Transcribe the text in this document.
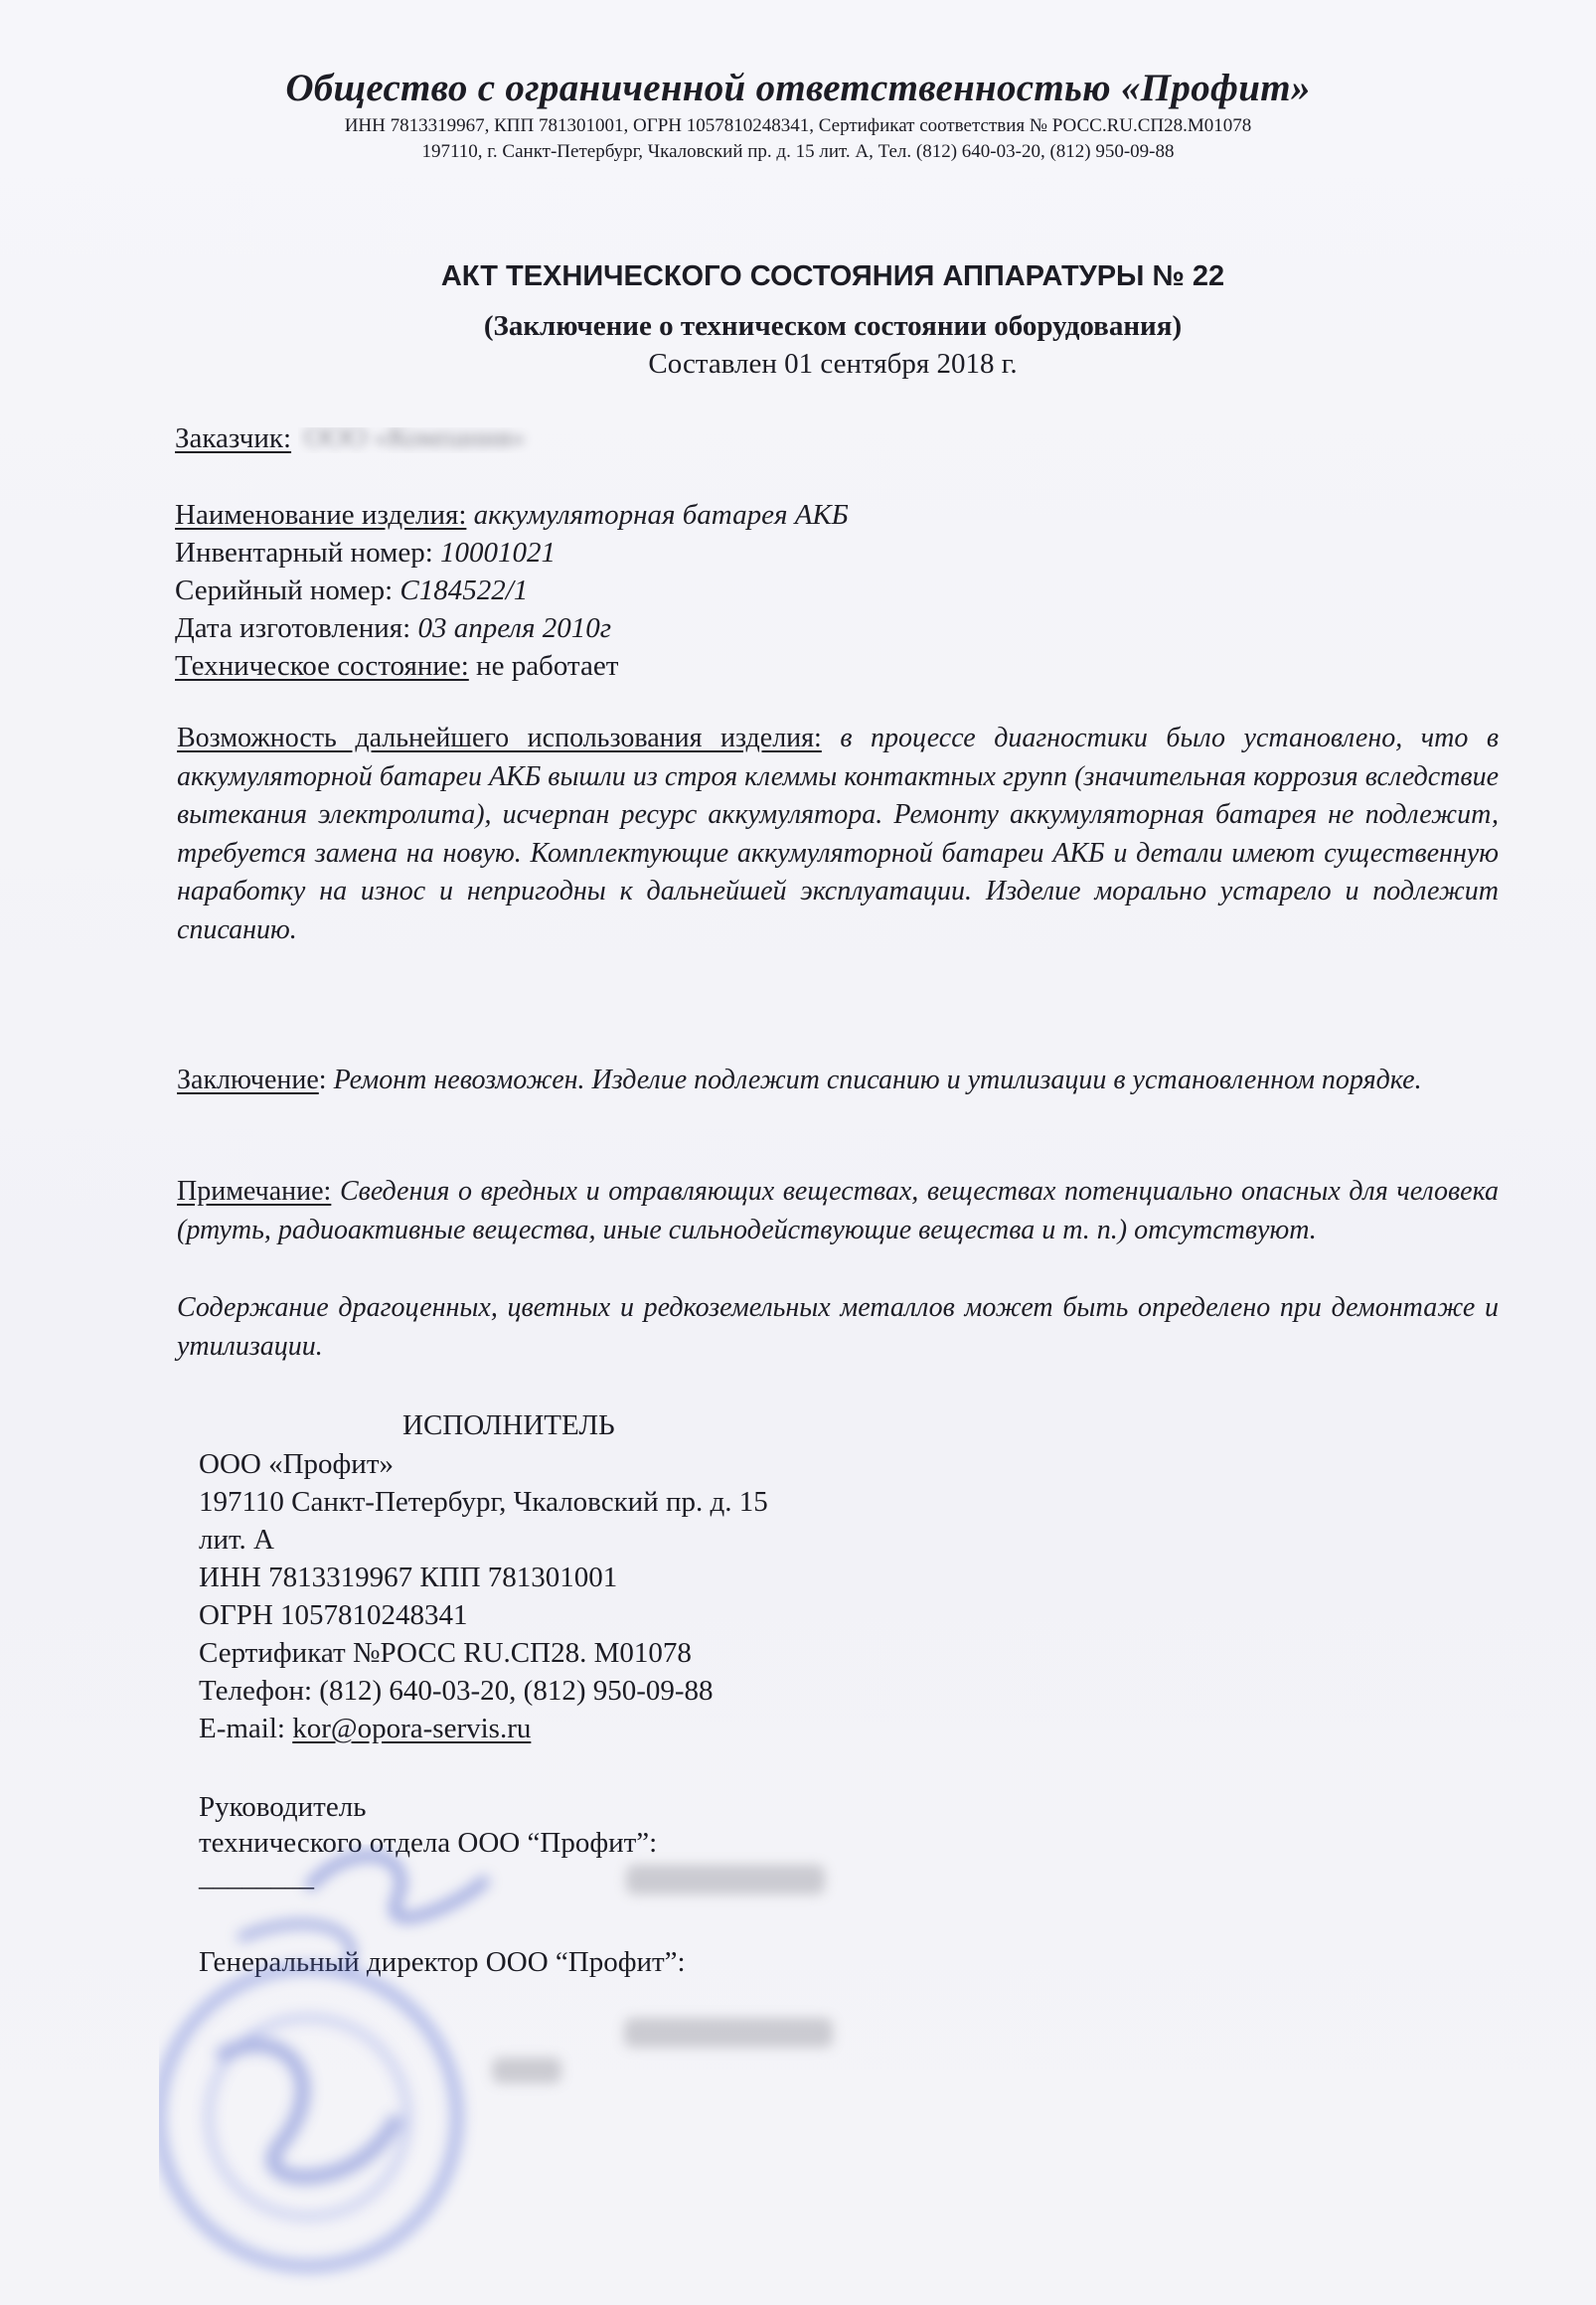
Общество с ограниченной ответственностью «Профит»
ИНН 7813319967, КПП 781301001, ОГРН 1057810248341, Сертификат соответствия № РОСС.RU.СП28.М01078
197110, г. Санкт-Петербург, Чкаловский пр. д. 15 лит. А, Тел. (812) 640-03-20, (812) 950-09-88
АКТ ТЕХНИЧЕСКОГО СОСТОЯНИЯ АППАРАТУРЫ № 22
(Заключение о техническом состоянии оборудования)
Составлен 01 сентября 2018 г.
Заказчик: ООО «Компания»
Наименование изделия: аккумуляторная батарея АКБ
Инвентарный номер: 10001021
Серийный номер: С184522/1
Дата изготовления: 03 апреля 2010г
Техническое состояние: не работает
Возможность дальнейшего использования изделия: в процессе диагностики было установлено, что в аккумуляторной батареи АКБ вышли из строя клеммы контактных групп (значительная коррозия вследствие вытекания электролита), исчерпан ресурс аккумулятора. Ремонту аккумуляторная батарея не подлежит, требуется замена на новую. Комплектующие аккумуляторной батареи АКБ и детали имеют существенную наработку на износ и непригодны к дальнейшей эксплуатации. Изделие морально устарело и подлежит списанию.
Заключение: Ремонт невозможен. Изделие подлежит списанию и утилизации в установленном порядке.
Примечание: Сведения о вредных и отравляющих веществах, веществах потенциально опасных для человека (ртуть, радиоактивные вещества, иные сильнодействующие вещества и т. п.) отсутствуют.
Содержание драгоценных, цветных и редкоземельных металлов может быть определено при демонтаже и утилизации.
ИСПОЛНИТЕЛЬ
ООО «Профит»
197110 Санкт-Петербург, Чкаловский пр. д. 15
лит. А
ИНН 7813319967 КПП 781301001
ОГРН 1057810248341
Сертификат №РОСС RU.СП28. М01078
Телефон: (812) 640-03-20, (812) 950-09-88
E-mail: kor@opora-servis.ru
Руководитель
технического отдела ООО “Профит”:
________
Генеральный директор ООО “Профит”:
